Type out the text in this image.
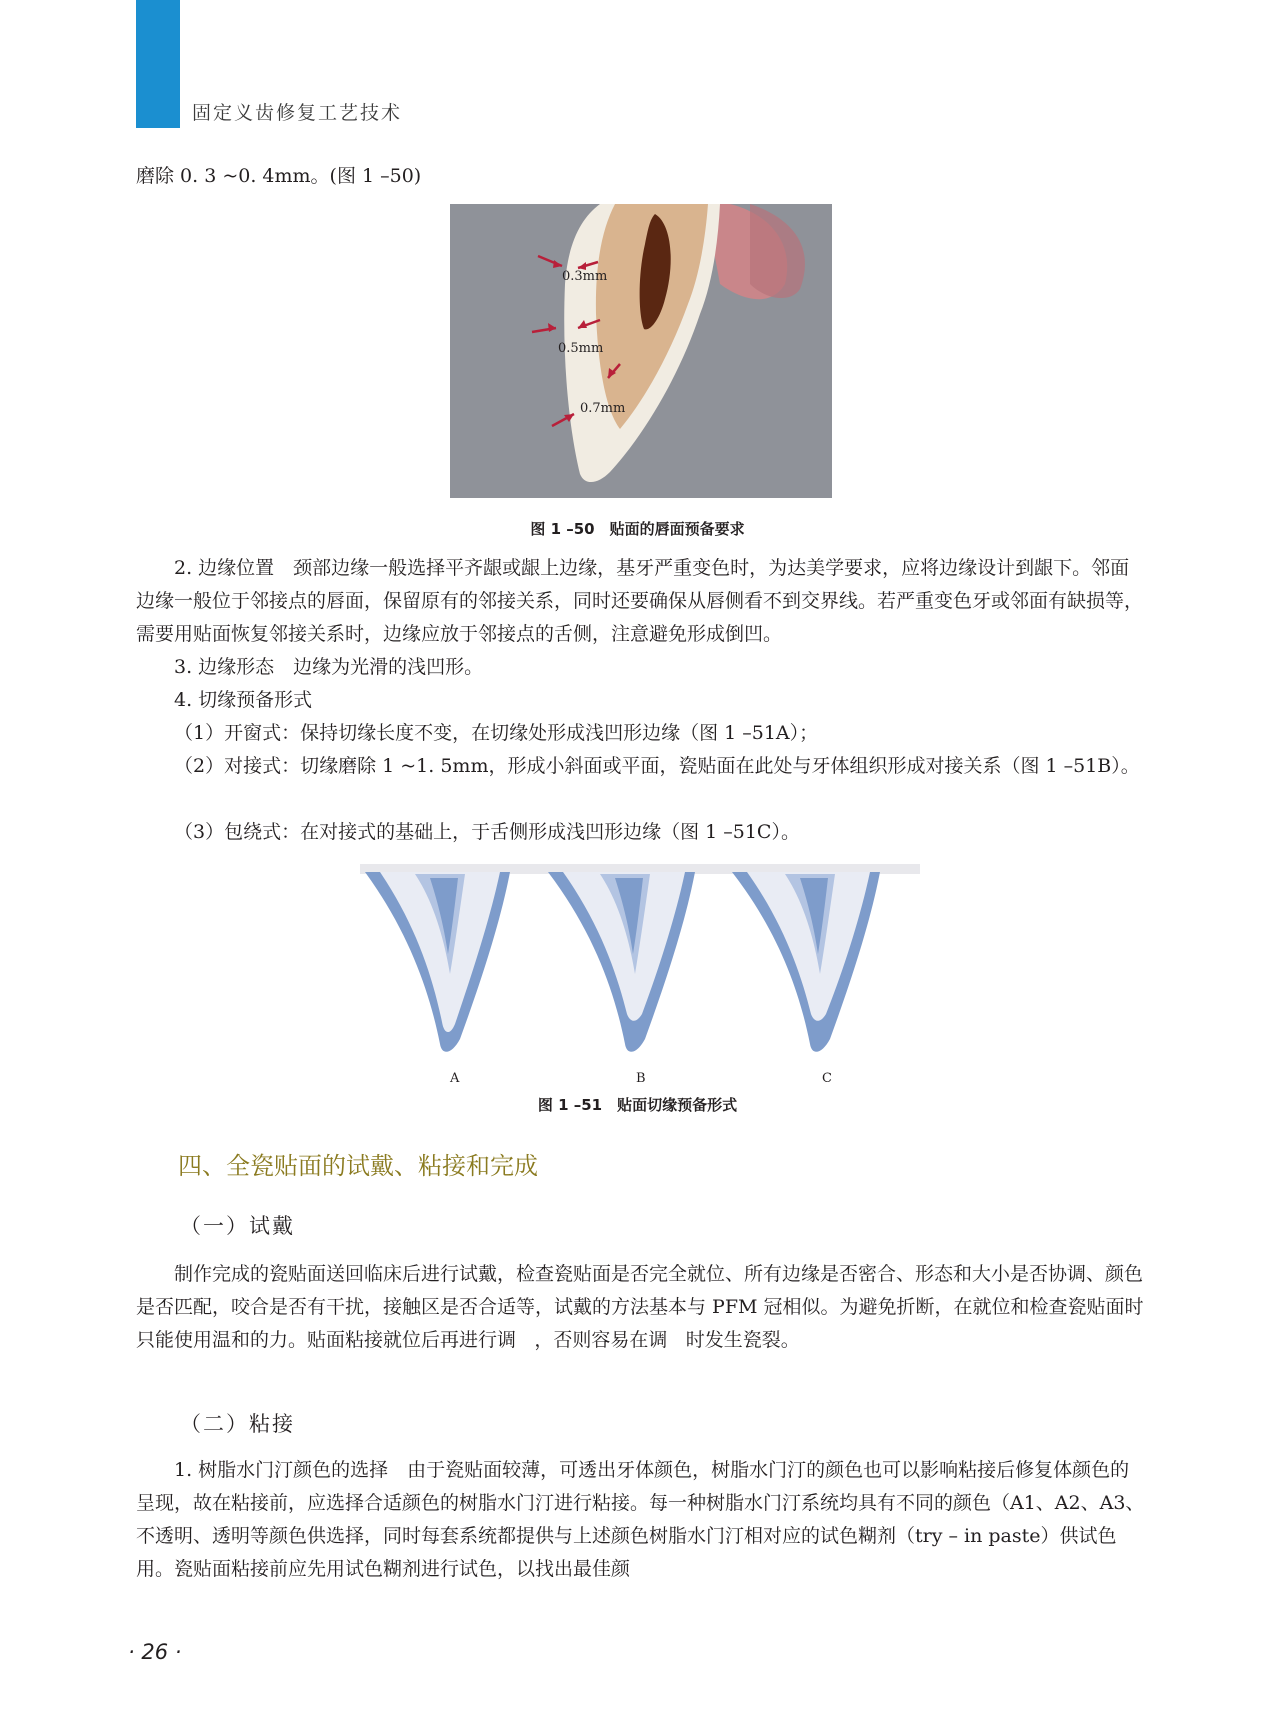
固定义齿修复工艺技术

磨除 0. 3 ~0. 4mm。(图 1 –50)

0.3mm
0.5mm
0.7mm
图 1 –50　贴面的唇面预备要求

2. 边缘位置　颈部边缘一般选择平齐龈或龈上边缘，基牙严重变色时，为达美学要求，应将边缘设计到龈下。邻面边缘一般位于邻接点的唇面，保留原有的邻接关系，同时还要确保从唇侧看不到交界线。若严重变色牙或邻面有缺损等，需要用贴面恢复邻接关系时，边缘应放于邻接点的舌侧，注意避免形成倒凹。

3. 边缘形态　边缘为光滑的浅凹形。

4. 切缘预备形式

（1）开窗式：保持切缘长度不变，在切缘处形成浅凹形边缘（图 1 –51A）；

（2）对接式：切缘磨除 1 ~1. 5mm，形成小斜面或平面，瓷贴面在此处与牙体组织形成对接关系（图 1 –51B）。

（3）包绕式：在对接式的基础上，于舌侧形成浅凹形边缘（图 1 –51C）。

A	B	C
图 1 –51　贴面切缘预备形式
四、全瓷贴面的试戴、粘接和完成
（一）试戴

制作完成的瓷贴面送回临床后进行试戴，检查瓷贴面是否完全就位、所有边缘是否密合、形态和大小是否协调、颜色是否匹配，咬合是否有干扰，接触区是否合适等，试戴的方法基本与 PFM 冠相似。为避免折断，在就位和检查瓷贴面时只能使用温和的力。贴面粘接就位后再进行调ㅤ，否则容易在调ㅤ时发生瓷裂。

（二）粘接

1. 树脂水门汀颜色的选择　由于瓷贴面较薄，可透出牙体颜色，树脂水门汀的颜色也可以影响粘接后修复体颜色的呈现，故在粘接前，应选择合适颜色的树脂水门汀进行粘接。每一种树脂水门汀系统均具有不同的颜色（A1、A2、A3、不透明、透明等颜色供选择，同时每套系统都提供与上述颜色树脂水门汀相对应的试色糊剂（try – in paste）供试色用。瓷贴面粘接前应先用试色糊剂进行试色，以找出最佳颜

· 26 ·
